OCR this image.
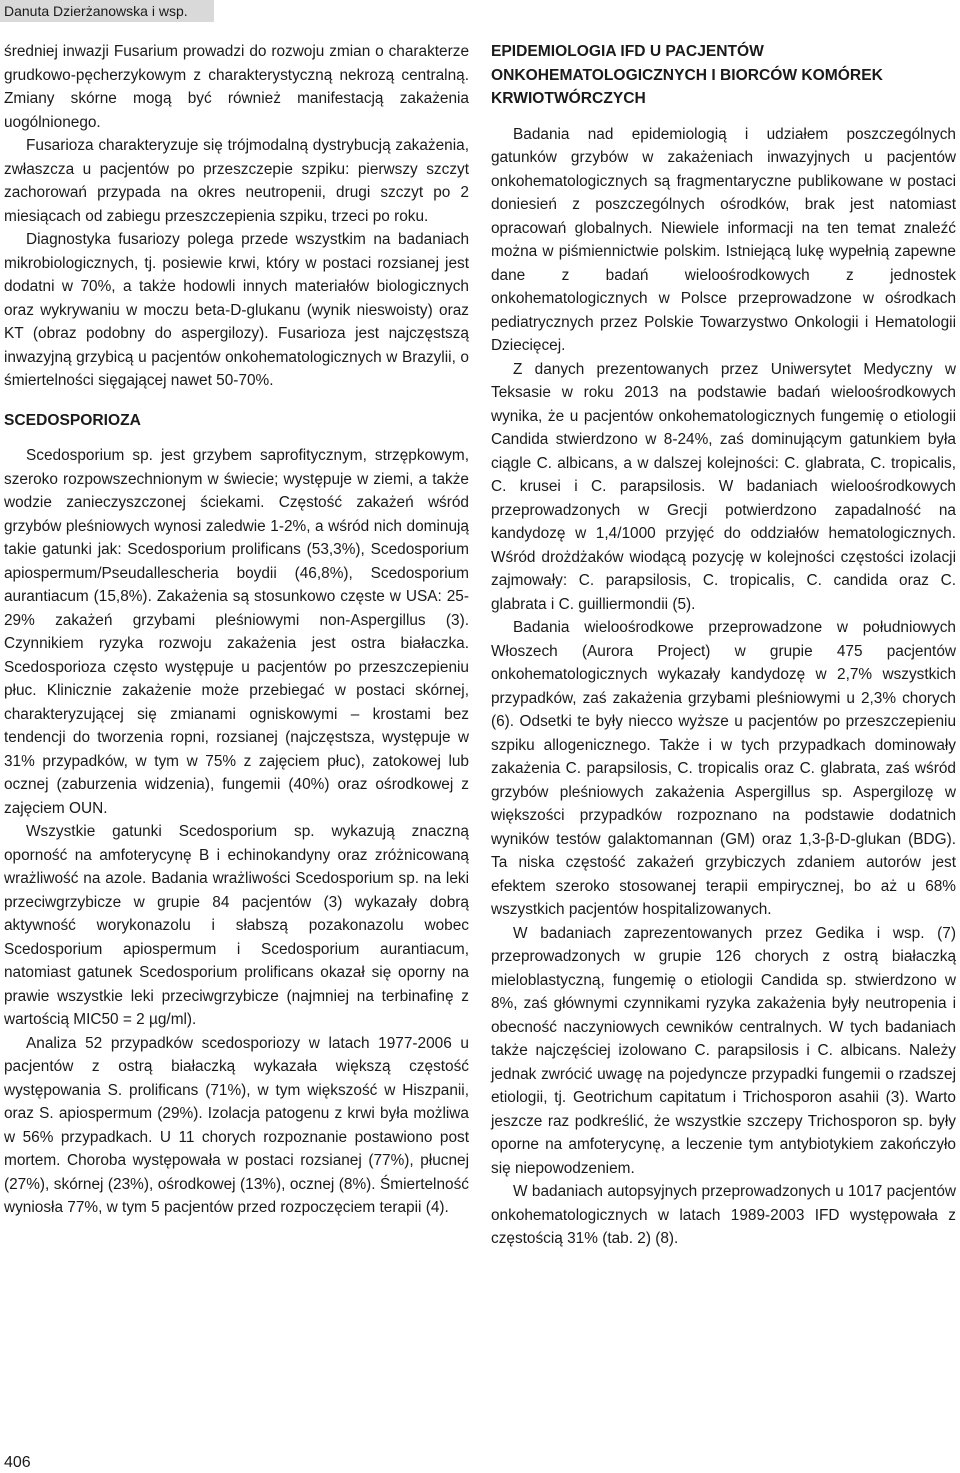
Danuta Dzierżanowska i wsp.

średniej inwazji Fusarium prowadzi do rozwoju zmian o charakterze grudkowo-pęcherzykowym z charakterystyczną nekrozą centralną. Zmiany skórne mogą być również manifestacją zakażenia uogólnionego.

Fusarioza charakteryzuje się trójmodalną dystrybucją zakażenia, zwłaszcza u pacjentów po przeszczepie szpiku: pierwszy szczyt zachorowań przypada na okres neutropenii, drugi szczyt po 2 miesiącach od zabiegu przeszczepienia szpiku, trzeci po roku.

Diagnostyka fusariozy polega przede wszystkim na badaniach mikrobiologicznych, tj. posiewie krwi, który w postaci rozsianej jest dodatni w 70%, a także hodowli innych materiałów biologicznych oraz wykrywaniu w moczu beta-D-glukanu (wynik nieswoisty) oraz KT (obraz podobny do aspergilozy). Fusarioza jest najczęstszą inwazyjną grzybicą u pacjentów onkohematologicznych w Brazylii, o śmiertelności sięgającej nawet 50-70%.

SCEDOSPORIOZA

Scedosporium sp. jest grzybem saprofitycznym, strzępkowym, szeroko rozpowszechnionym w świecie; występuje w ziemi, a także wodzie zanieczyszczonej ściekami. Częstość zakażeń wśród grzybów pleśniowych wynosi zaledwie 1-2%, a wśród nich dominują takie gatunki jak: Scedosporium prolificans (53,3%), Scedosporium apiospermum/Pseudallescheria boydii (46,8%), Scedosporium aurantiacum (15,8%). Zakażenia są stosunkowo częste w USA: 25-29% zakażeń grzybami pleśniowymi non-Aspergillus (3). Czynnikiem ryzyka rozwoju zakażenia jest ostra białaczka. Scedosporioza często występuje u pacjentów po przeszczepieniu płuc. Klinicznie zakażenie może przebiegać w postaci skórnej, charakteryzującej się zmianami ogniskowymi – krostami bez tendencji do tworzenia ropni, rozsianej (najczęstsza, występuje w 31% przypadków, w tym w 75% z zajęciem płuc), zatokowej lub ocznej (zaburzenia widzenia), fungemii (40%) oraz ośrodkowej z zajęciem OUN.

Wszystkie gatunki Scedosporium sp. wykazują znaczną oporność na amfoterycynę B i echinokandyny oraz zróżnicowaną wrażliwość na azole. Badania wrażliwości Scedosporium sp. na leki przeciwgrzybicze w grupie 84 pacjentów (3) wykazały dobrą aktywność worykonazolu i słabszą pozakonazolu wobec Scedosporium apiospermum i Scedosporium aurantiacum, natomiast gatunek Scedosporium prolificans okazał się oporny na prawie wszystkie leki przeciwgrzybicze (najmniej na terbinafinę z wartością MIC50 = 2 µg/ml).

Analiza 52 przypadków scedosporiozy w latach 1977-2006 u pacjentów z ostrą białaczką wykazała większą częstość występowania S. prolificans (71%), w tym większość w Hiszpanii, oraz S. apiospermum (29%). Izolacja patogenu z krwi była możliwa w 56% przypadkach. U 11 chorych rozpoznanie postawiono post mortem. Choroba występowała w postaci rozsianej (77%), płucnej (27%), skórnej (23%), ośrodkowej (13%), ocznej (8%). Śmiertelność wyniosła 77%, w tym 5 pacjentów przed rozpoczęciem terapii (4).

EPIDEMIOLOGIA IFD U PACJENTÓW ONKOHEMATOLOGICZNYCH I BIORCÓW KOMÓREK KRWIOTWÓRCZYCH

Badania nad epidemiologią i udziałem poszczególnych gatunków grzybów w zakażeniach inwazyjnych u pacjentów onkohematologicznych są fragmentaryczne publikowane w postaci doniesień z poszczególnych ośrodków, brak jest natomiast opracowań globalnych. Niewiele informacji na ten temat znaleźć można w piśmiennictwie polskim. Istniejącą lukę wypełnią zapewne dane z badań wieloośrodkowych z jednostek onkohematologicznych w Polsce przeprowadzone w ośrodkach pediatrycznych przez Polskie Towarzystwo Onkologii i Hematologii Dziecięcej.

Z danych prezentowanych przez Uniwersytet Medyczny w Teksasie w roku 2013 na podstawie badań wieloośrodkowych wynika, że u pacjentów onkohematologicznych fungemię o etiologii Candida stwierdzono w 8-24%, zaś dominującym gatunkiem była ciągle C. albicans, a w dalszej kolejności: C. glabrata, C. tropicalis, C. krusei i C. parapsilosis. W badaniach wieloośrodkowych przeprowadzonych w Grecji potwierdzono zapadalność na kandydozę w 1,4/1000 przyjęć do oddziałów hematologicznych. Wśród drożdżaków wiodącą pozycję w kolejności częstości izolacji zajmowały: C. parapsilosis, C. tropicalis, C. candida oraz C. glabrata i C. guilliermondii (5).

Badania wieloośrodkowe przeprowadzone w południowych Włoszech (Aurora Project) w grupie 475 pacjentów onkohematologicznych wykazały kandydozę w 2,7% wszystkich przypadków, zaś zakażenia grzybami pleśniowymi u 2,3% chorych (6). Odsetki te były niecco wyższe u pacjentów po przeszczepieniu szpiku allogenicznego. Także i w tych przypadkach dominowały zakażenia C. parapsilosis, C. tropicalis oraz C. glabrata, zaś wśród grzybów pleśniowych zakażenia Aspergillus sp. Aspergilozę w większości przypadków rozpoznano na podstawie dodatnich wyników testów galaktomannan (GM) oraz 1,3-β-D-glukan (BDG). Ta niska częstość zakażeń grzybiczych zdaniem autorów jest efektem szeroko stosowanej terapii empirycznej, bo aż u 68% wszystkich pacjentów hospitalizowanych.

W badaniach zaprezentowanych przez Gedika i wsp. (7) przeprowadzonych w grupie 126 chorych z ostrą białaczką mieloblastyczną, fungemię o etiologii Candida sp. stwierdzono w 8%, zaś głównymi czynnikami ryzyka zakażenia były neutropenia i obecność naczyniowych cewników centralnych. W tych badaniach także najczęściej izolowano C. parapsilosis i C. albicans. Należy jednak zwrócić uwagę na pojedyncze przypadki fungemii o rzadszej etiologii, tj. Geotrichum capitatum i Trichosporon asahii (3). Warto jeszcze raz podkreślić, że wszystkie szczepy Trichosporon sp. były oporne na amfoterycynę, a leczenie tym antybiotykiem zakończyło się niepowodzeniem.

W badaniach autopsyjnych przeprowadzonych u 1017 pacjentów onkohematologicznych w latach 1989-2003 IFD występowała z częstością 31% (tab. 2) (8).

406
